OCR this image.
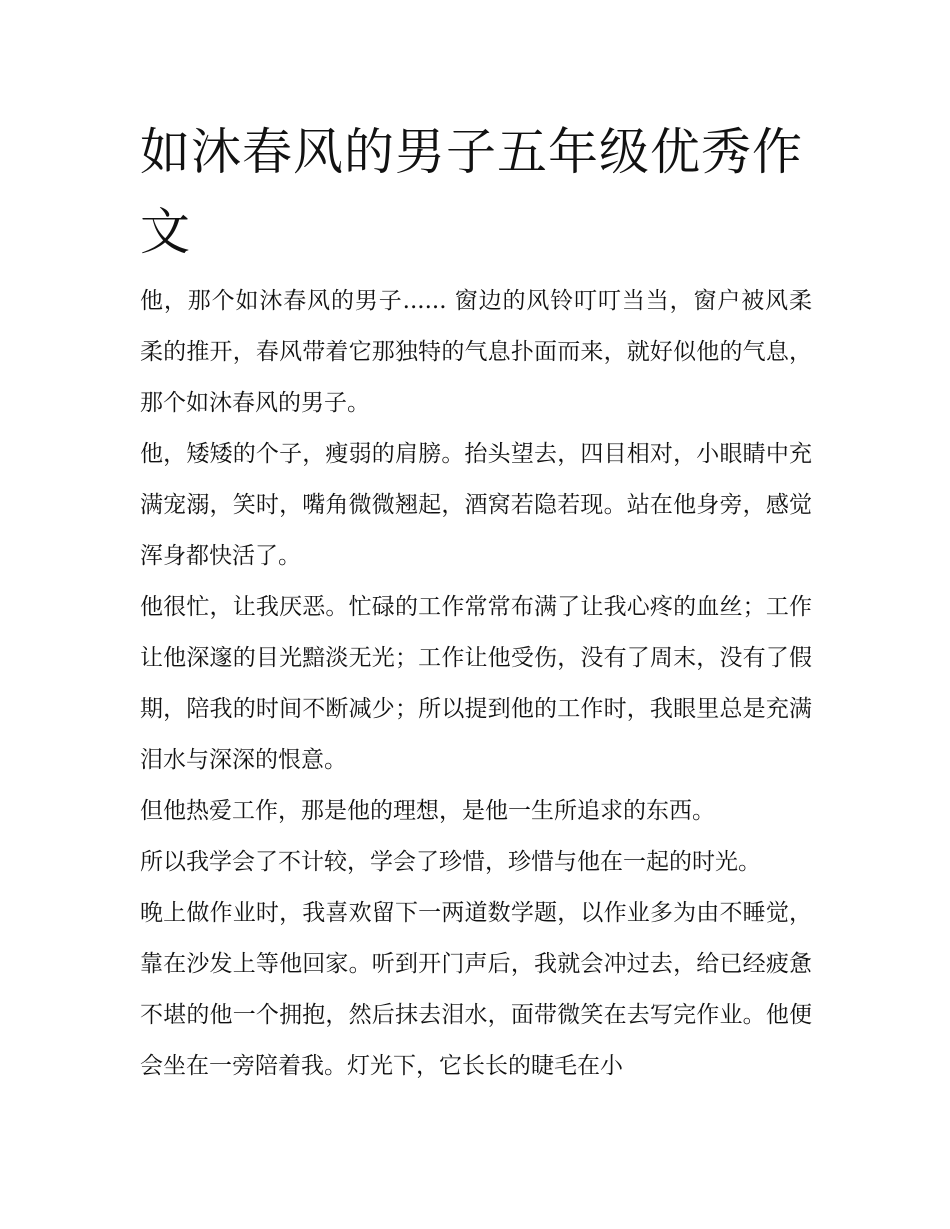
如沐春风的男子五年级优秀作文

他，那个如沐春风的男子...... 窗边的风铃叮叮当当，窗户被风柔柔的推开，春风带着它那独特的气息扑面而来，就好似他的气息，那个如沐春风的男子。

他，矮矮的个子，瘦弱的肩膀。抬头望去，四目相对，小眼睛中充满宠溺，笑时，嘴角微微翘起，酒窝若隐若现。站在他身旁，感觉浑身都快活了。

他很忙，让我厌恶。忙碌的工作常常布满了让我心疼的血丝；工作让他深邃的目光黯淡无光；工作让他受伤，没有了周末，没有了假期，陪我的时间不断减少；所以提到他的工作时，我眼里总是充满泪水与深深的恨意。

但他热爱工作，那是他的理想，是他一生所追求的东西。

所以我学会了不计较，学会了珍惜，珍惜与他在一起的时光。

晚上做作业时，我喜欢留下一两道数学题，以作业多为由不睡觉，靠在沙发上等他回家。听到开门声后，我就会冲过去，给已经疲惫不堪的他一个拥抱，然后抹去泪水，面带微笑在去写完作业。他便会坐在一旁陪着我。灯光下，它长长的睫毛在小
